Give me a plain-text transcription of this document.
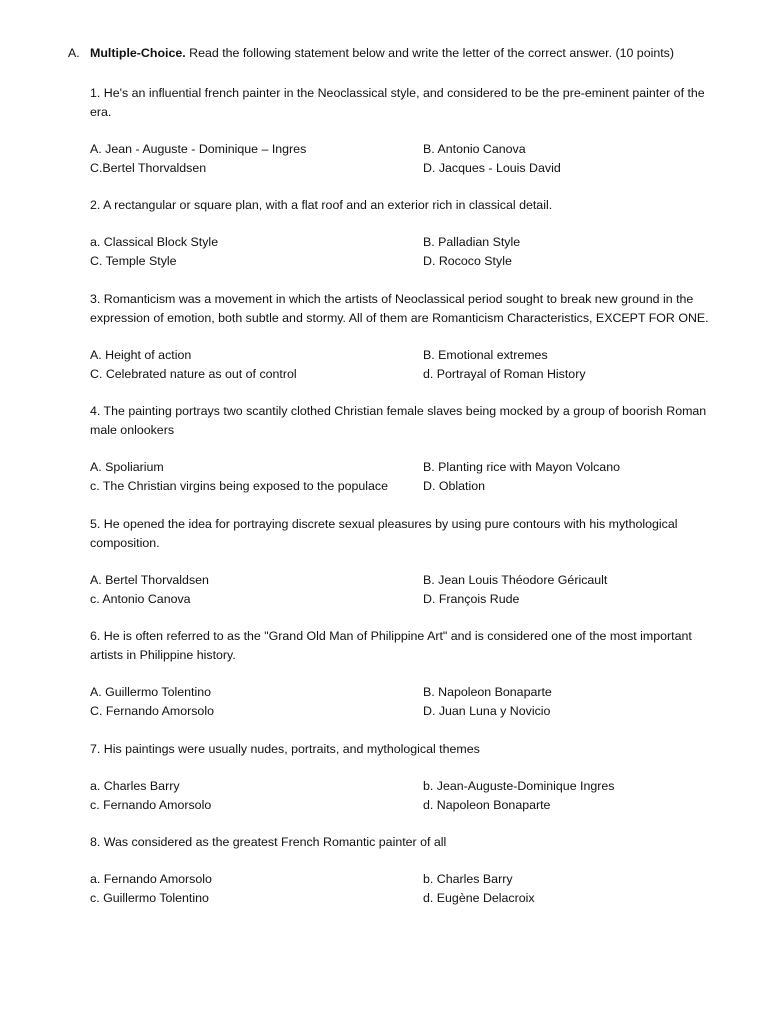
A. Multiple-Choice. Read the following statement below and write the letter of the correct answer. (10 points)

1. He's an influential french painter in the Neoclassical style, and considered to be the pre-eminent painter of the era.

A. Jean - Auguste - Dominique – Ingres	B. Antonio Canova
C.Bertel Thorvaldsen	D. Jacques - Louis David

2. A rectangular or square plan, with a flat roof and an exterior rich in classical detail.

a. Classical Block Style	B. Palladian Style
C. Temple Style	D. Rococo Style

3. Romanticism was a movement in which the artists of Neoclassical period sought to break new ground in the expression of emotion, both subtle and stormy. All of them are Romanticism Characteristics, EXCEPT FOR ONE.

A. Height of action	B. Emotional extremes
C. Celebrated nature as out of control	d. Portrayal of Roman History

4. The painting portrays two scantily clothed Christian female slaves being mocked by a group of boorish Roman male onlookers

A. Spoliarium	B. Planting rice with Mayon Volcano
c. The Christian virgins being exposed to the populace	D. Oblation

5. He opened the idea for portraying discrete sexual pleasures by using pure contours with his mythological composition.

A. Bertel Thorvaldsen	B. Jean Louis Théodore Géricault
c. Antonio Canova	D. François Rude

6. He is often referred to as the "Grand Old Man of Philippine Art" and is considered one of the most important artists in Philippine history.

A. Guillermo Tolentino	B. Napoleon Bonaparte
C. Fernando Amorsolo	D. Juan Luna y Novicio

7. His paintings were usually nudes, portraits, and mythological themes

a. Charles Barry	b. Jean-Auguste-Dominique Ingres
c. Fernando Amorsolo	d. Napoleon Bonaparte

8. Was considered as the greatest French Romantic painter of all

a. Fernando Amorsolo	b. Charles Barry
c. Guillermo Tolentino	d. Eugène Delacroix
